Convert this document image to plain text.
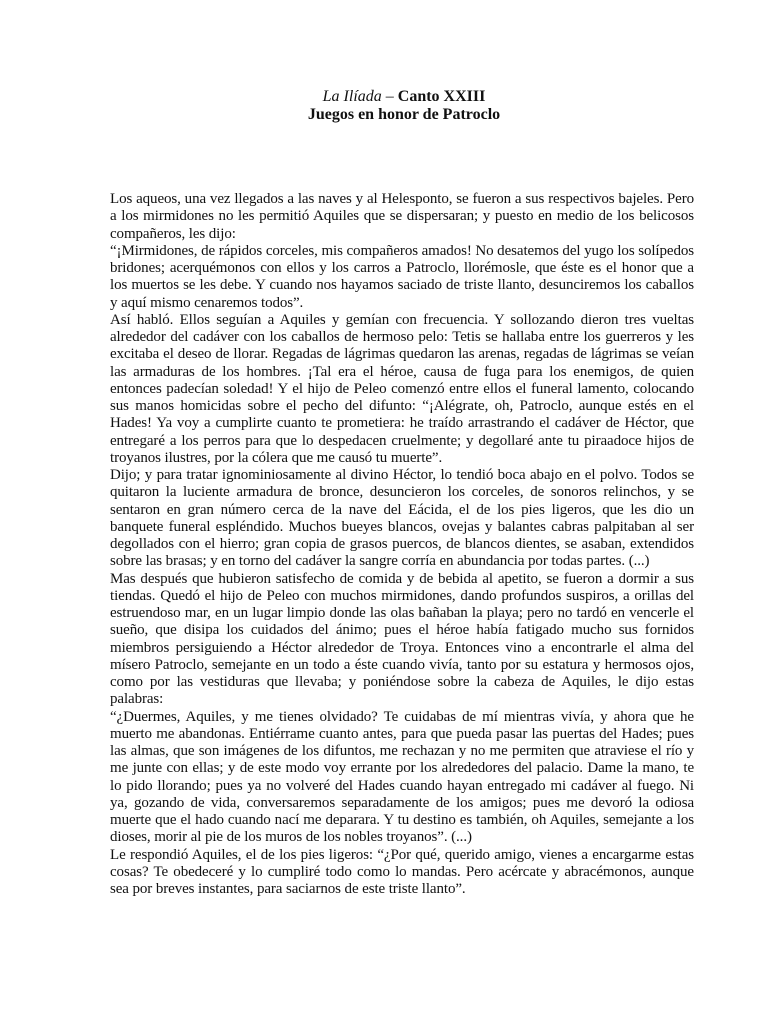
La Ilíada – Canto XXIII
Juegos en honor de Patroclo

Los aqueos, una vez llegados a las naves y al Helesponto, se fueron a sus respectivos bajeles. Pero a los mirmidones no les permitió Aquiles que se dispersaran; y puesto en medio de los belicosos compañeros, les dijo:

“¡Mirmidones, de rápidos corceles, mis compañeros amados! No desatemos del yugo los solípedos bridones; acerquémonos con ellos y los carros a Patroclo, llorémosle, que éste es el honor que a los muertos se les debe. Y cuando nos hayamos saciado de triste llanto, desunciremos los caballos y aquí mismo cenaremos todos”.

Así habló. Ellos seguían a Aquiles y gemían con frecuencia. Y sollozando dieron tres vueltas alrededor del cadáver con los caballos de hermoso pelo: Tetis se hallaba entre los guerreros y les excitaba el deseo de llorar. Regadas de lágrimas quedaron las arenas, regadas de lágrimas se veían las armaduras de los hombres. ¡Tal era el héroe, causa de fuga para los enemigos, de quien entonces padecían soledad! Y el hijo de Peleo comenzó entre ellos el funeral lamento, colocando sus manos homicidas sobre el pecho del difunto: “¡Alégrate, oh, Patroclo, aunque estés en el Hades! Ya voy a cumplirte cuanto te prometiera: he traído arrastrando el cadáver de Héctor, que entregaré a los perros para que lo despedacen cruelmente; y degollaré ante tu piraadoce hijos de troyanos ilustres, por la cólera que me causó tu muerte”.

Dijo; y para tratar ignominiosamente al divino Héctor, lo tendió boca abajo en el polvo. Todos se quitaron la luciente armadura de bronce, desuncieron los corceles, de sonoros relinchos, y se sentaron en gran número cerca de la nave del Eácida, el de los pies ligeros, que les dio un banquete funeral espléndido. Muchos bueyes blancos, ovejas y balantes cabras palpitaban al ser degollados con el hierro; gran copia de grasos puercos, de blancos dientes, se asaban, extendidos sobre las brasas; y en torno del cadáver la sangre corría en abundancia por todas partes. (...)

Mas después que hubieron satisfecho de comida y de bebida al apetito, se fueron a dormir a sus tiendas. Quedó el hijo de Peleo con muchos mirmidones, dando profundos suspiros, a orillas del estruendoso mar, en un lugar limpio donde las olas bañaban la playa; pero no tardó en vencerle el sueño, que disipa los cuidados del ánimo; pues el héroe había fatigado mucho sus fornidos miembros persiguiendo a Héctor alrededor de Troya. Entonces vino a encontrarle el alma del mísero Patroclo, semejante en un todo a éste cuando vivía, tanto por su estatura y hermosos ojos, como por las vestiduras que llevaba; y poniéndose sobre la cabeza de Aquiles, le dijo estas palabras:

“¿Duermes, Aquiles, y me tienes olvidado? Te cuidabas de mí mientras vivía, y ahora que he muerto me abandonas. Entiérrame cuanto antes, para que pueda pasar las puertas del Hades; pues las almas, que son imágenes de los difuntos, me rechazan y no me permiten que atraviese el río y me junte con ellas; y de este modo voy errante por los alrededores del palacio. Dame la mano, te lo pido llorando; pues ya no volveré del Hades cuando hayan entregado mi cadáver al fuego. Ni ya, gozando de vida, conversaremos separadamente de los amigos; pues me devoró la odiosa muerte que el hado cuando nací me deparara. Y tu destino es también, oh Aquiles, semejante a los dioses, morir al pie de los muros de los nobles troyanos”. (...)

Le respondió Aquiles, el de los pies ligeros: “¿Por qué, querido amigo, vienes a encargarme estas cosas? Te obedeceré y lo cumpliré todo como lo mandas. Pero acércate y abracémonos, aunque sea por breves instantes, para saciarnos de este triste llanto”.
